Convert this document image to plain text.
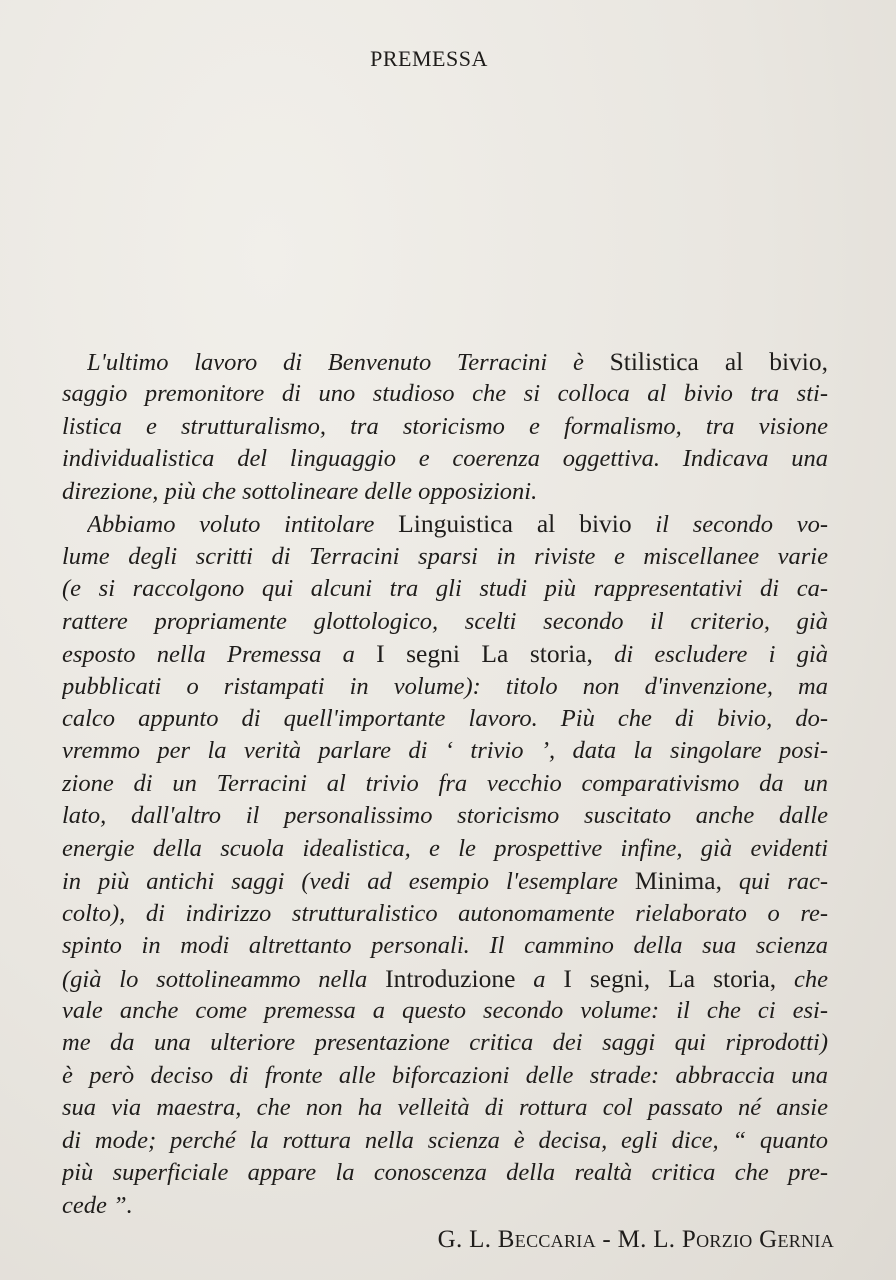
PREMESSA
L'ultimo lavoro di Benvenuto Terracini è Stilistica al bivio,
saggio premonitore di uno studioso che si colloca al bivio tra sti-
listica e strutturalismo, tra storicismo e formalismo, tra visione
individualistica del linguaggio e coerenza oggettiva. Indicava una
direzione, più che sottolineare delle opposizioni.
Abbiamo voluto intitolare Linguistica al bivio il secondo vo-
lume degli scritti di Terracini sparsi in riviste e miscellanee varie
(e si raccolgono qui alcuni tra gli studi più rappresentativi di ca-
rattere propriamente glottologico, scelti secondo il criterio, già
esposto nella Premessa a I segni La storia, di escludere i già
pubblicati o ristampati in volume): titolo non d'invenzione, ma
calco appunto di quell'importante lavoro. Più che di bivio, do-
vremmo per la verità parlare di ‘ trivio ’, data la singolare posi-
zione di un Terracini al trivio fra vecchio comparativismo da un
lato, dall'altro il personalissimo storicismo suscitato anche dalle
energie della scuola idealistica, e le prospettive infine, già evidenti
in più antichi saggi (vedi ad esempio l'esemplare Minima, qui rac-
colto), di indirizzo strutturalistico autonomamente rielaborato o re-
spinto in modi altrettanto personali. Il cammino della sua scienza
(già lo sottolineammo nella Introduzione a I segni, La storia, che
vale anche come premessa a questo secondo volume: il che ci esi-
me da una ulteriore presentazione critica dei saggi qui riprodotti)
è però deciso di fronte alle biforcazioni delle strade: abbraccia una
sua via maestra, che non ha velleità di rottura col passato né ansie
di mode; perché la rottura nella scienza è decisa, egli dice, “ quanto
più superficiale appare la conoscenza della realtà critica che pre-
cede ”.
G. L. Beccaria - M. L. Porzio Gernia
